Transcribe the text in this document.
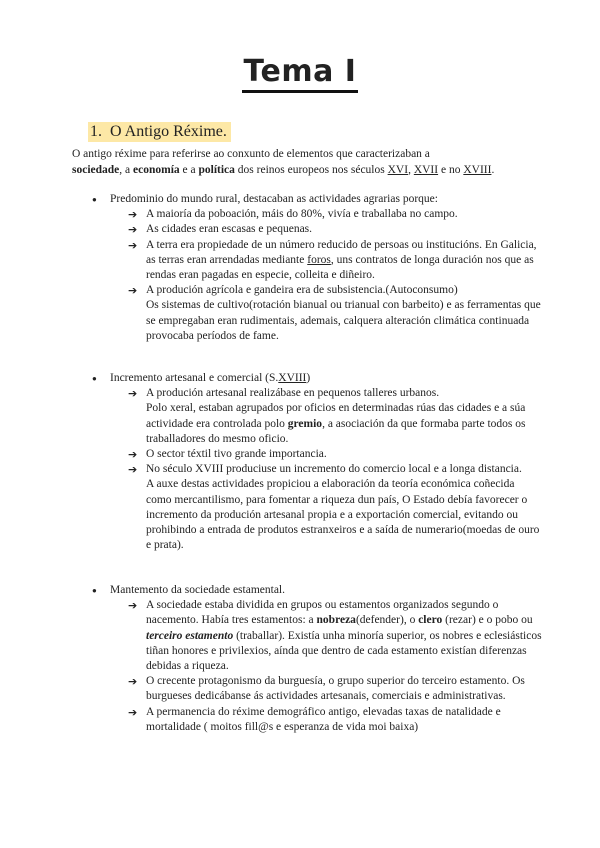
Tema I
1. O Antigo Réxime.
O antigo réxime para referirse ao conxunto de elementos que caracterizaban a
sociedade, a economía e a política dos reinos europeos nos séculos XVI, XVII e no XVIII.
● Predominio do mundo rural, destacaban as actividades agrarias porque:
➔ A maioría da poboación, máis do 80%, vivía e traballaba no campo.
➔ As cidades eran escasas e pequenas.
➔ A terra era propiedade de un número reducido de persoas ou institucións. En Galicia, as terras eran arrendadas mediante foros, uns contratos de longa duración nos que as rendas eran pagadas en especie, colleita e diñeiro.
➔ A produción agrícola e gandeira era de subsistencia.(Autoconsumo)
Os sistemas de cultivo(rotación bianual ou trianual con barbeito) e as ferramentas que se empregaban eran rudimentais, ademais, calquera alteración climática continuada provocaba períodos de fame.
● Incremento artesanal e comercial (S.XVIII)
➔ A produción artesanal realizábase en pequenos talleres urbanos.
Polo xeral, estaban agrupados por oficios en determinadas rúas das cidades e a súa actividade era controlada polo gremio, a asociación da que formaba parte todos os traballadores do mesmo oficio.
➔ O sector téxtil tivo grande importancia.
➔ No século XVIII produciuse un incremento do comercio local e a longa distancia.
A auxe destas actividades propiciou a elaboración da teoría económica coñecida como mercantilismo, para fomentar a riqueza dun país, O Estado debía favorecer o incremento da produción artesanal propia e a exportación comercial, evitando ou prohibindo a entrada de produtos estranxeiros e a saída de numerario(moedas de ouro e prata).
● Mantemento da sociedade estamental.
➔ A sociedade estaba dividida en grupos ou estamentos organizados segundo o nacemento. Había tres estamentos: a nobreza(defender), o clero (rezar) e o pobo ou terceiro estamento (traballar). Existía unha minoría superior, os nobres e eclesiásticos tiñan honores e privilexios, aínda que dentro de cada estamento existían diferenzas debidas a riqueza.
➔ O crecente protagonismo da burguesía, o grupo superior do terceiro estamento. Os burgueses dedicábanse ás actividades artesanais, comerciais e administrativas.
➔ A permanencia do réxime demográfico antigo, elevadas taxas de natalidade e mortalidade ( moitos fill@s e esperanza de vida moi baixa)
